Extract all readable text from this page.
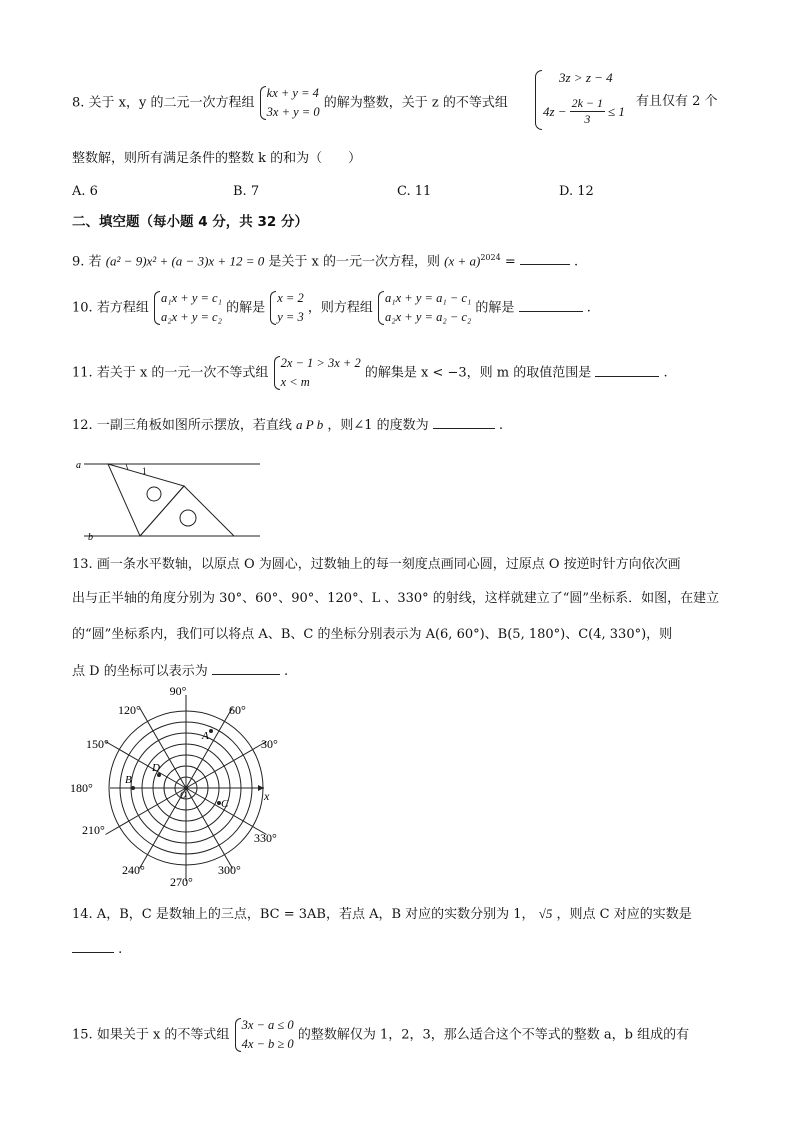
8. 关于 x，y 的二元一次方程组
kx + y = 4
3x + y = 0
的解为整数，关于 z 的不等式组
3z > z − 4
$4z - \frac{2k - 1}{3} \le 1$
有且仅有 2 个
整数解，则所有满足条件的整数 k 的和为（　　）
A. 6	B. 7	C. 11	D. 12
二、填空题（每小题 4 分，共 32 分）
9. 若 (a² − 9)x² + (a − 3)x + 12 = 0 是关于 x 的一元一次方程，则 $(x + a)^{2024}$ =	.
10. 若方程组
a₁x + y = c₁
a₂x + y = c₂
的解是
x = 2
y = 3
，则方程组
a₁x + y = a₁ − c₁
a₂x + y = a₂ − c₂
的解是	.
11. 若关于 x 的一元一次不等式组
2x − 1 > 3x + 2
x < m
的解集是 x < −3，则 m 的取值范围是	.
12. 一副三角板如图所示摆放，若直线 a P b ，则∠1 的度数为	.
a
b
1
13. 画一条水平数轴，以原点 O 为圆心，过数轴上的每一刻度点画同心圆，过原点 O 按逆时针方向依次画
出与正半轴的角度分别为 30°、60°、90°、120°、L 、330° 的射线，这样就建立了“圆”坐标系．如图，在建立
的“圆”坐标系内，我们可以将点 A、B、C 的坐标分别表示为 A(6, 60°)、B(5, 180°)、C(4, 330°)，则
点 D 的坐标可以表示为	.
x
90°
60°
30°
120°
150°
180°
210°
240°
270°
300°
330°
A
B
C
D
O
14. A，B，C 是数轴上的三点，BC = 3AB，若点 A，B 对应的实数分别为 1， √5 ，则点 C 对应的实数是
.
15. 如果关于 x 的不等式组
3x − a ≤ 0
4x − b ≥ 0
的整数解仅为 1，2，3，那么适合这个不等式的整数 a，b 组成的有
